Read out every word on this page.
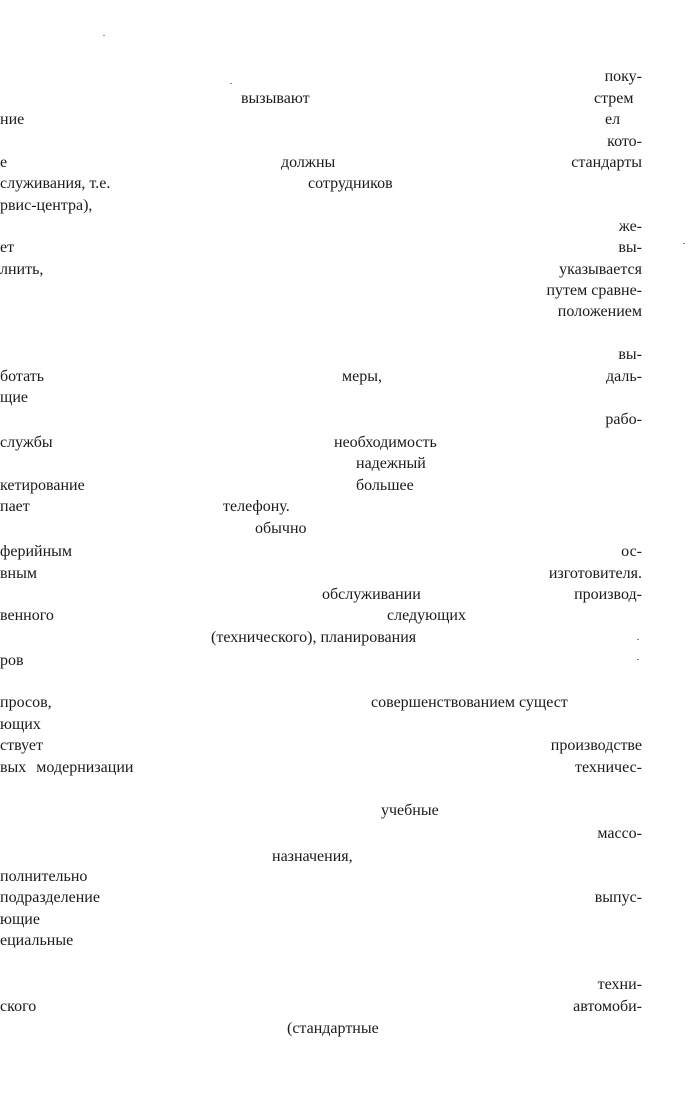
поку-
вызывают	стрем
ние	ел
кото-
е	должны	стандарты
служивания, т.е.	сотрудников
рвис-центра),
же-
ет	вы-
лнить,	указывается
путем сравне-
положением
вы-
ботать	меры,	даль-
щие
рабо-
службы	необходимость
надежный
кетирование	большее
пает	телефону.
обычно
ферийным	ос-
вным	изготовителя.
обслуживании	производ-
венного	следующих
(технического), планирования
ров
просов,	совершенствованием сущест
ющих
ствует	производстве
вых модернизации	техничес-
учебные
массо-
назначения,
полнительно
подразделение	выпус-
ющие
ециальные
техни-
ского	автомоби-
(стандартные
